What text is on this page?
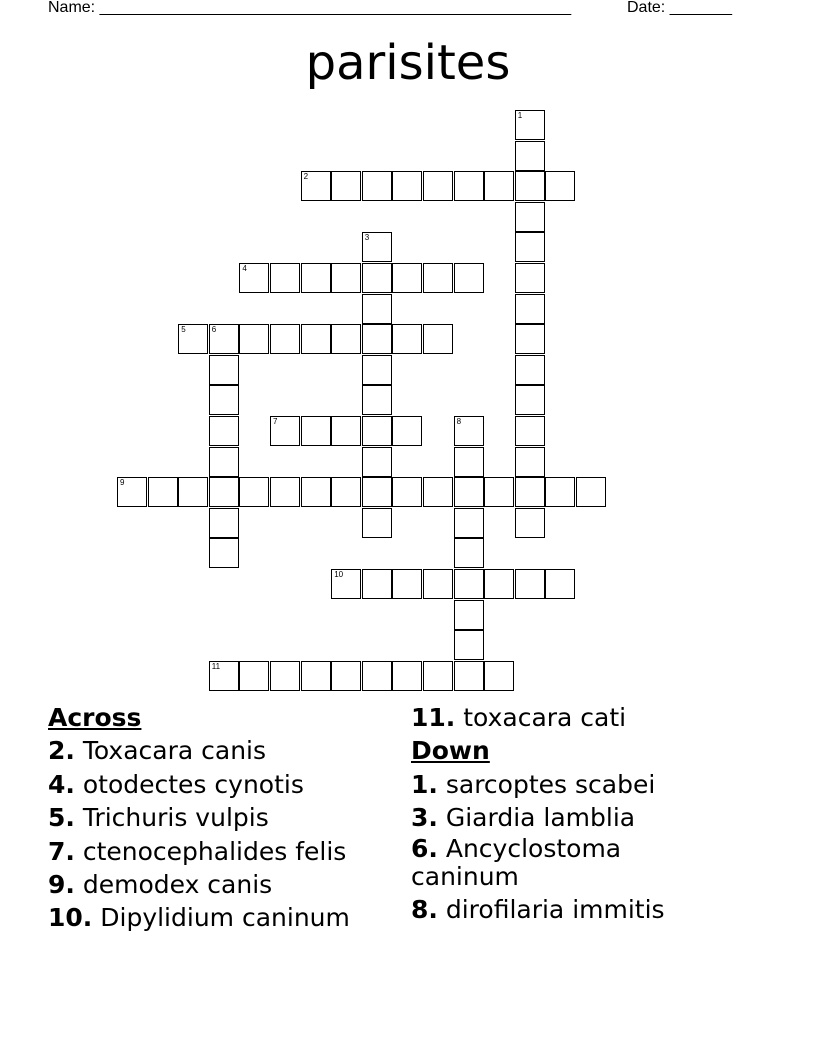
Name: _____________________________________________________	Date: _______
parisites
1
2
3
4
5	6
7	8
9
10
11
Across
2. Toxacara canis
4. otodectes cynotis
5. Trichuris vulpis
7. ctenocephalides felis
9. demodex canis
10. Dipylidium caninum
11. toxacara cati
Down
1. sarcoptes scabei
3. Giardia lamblia
6. Ancyclostoma caninum
8. dirofilaria immitis
